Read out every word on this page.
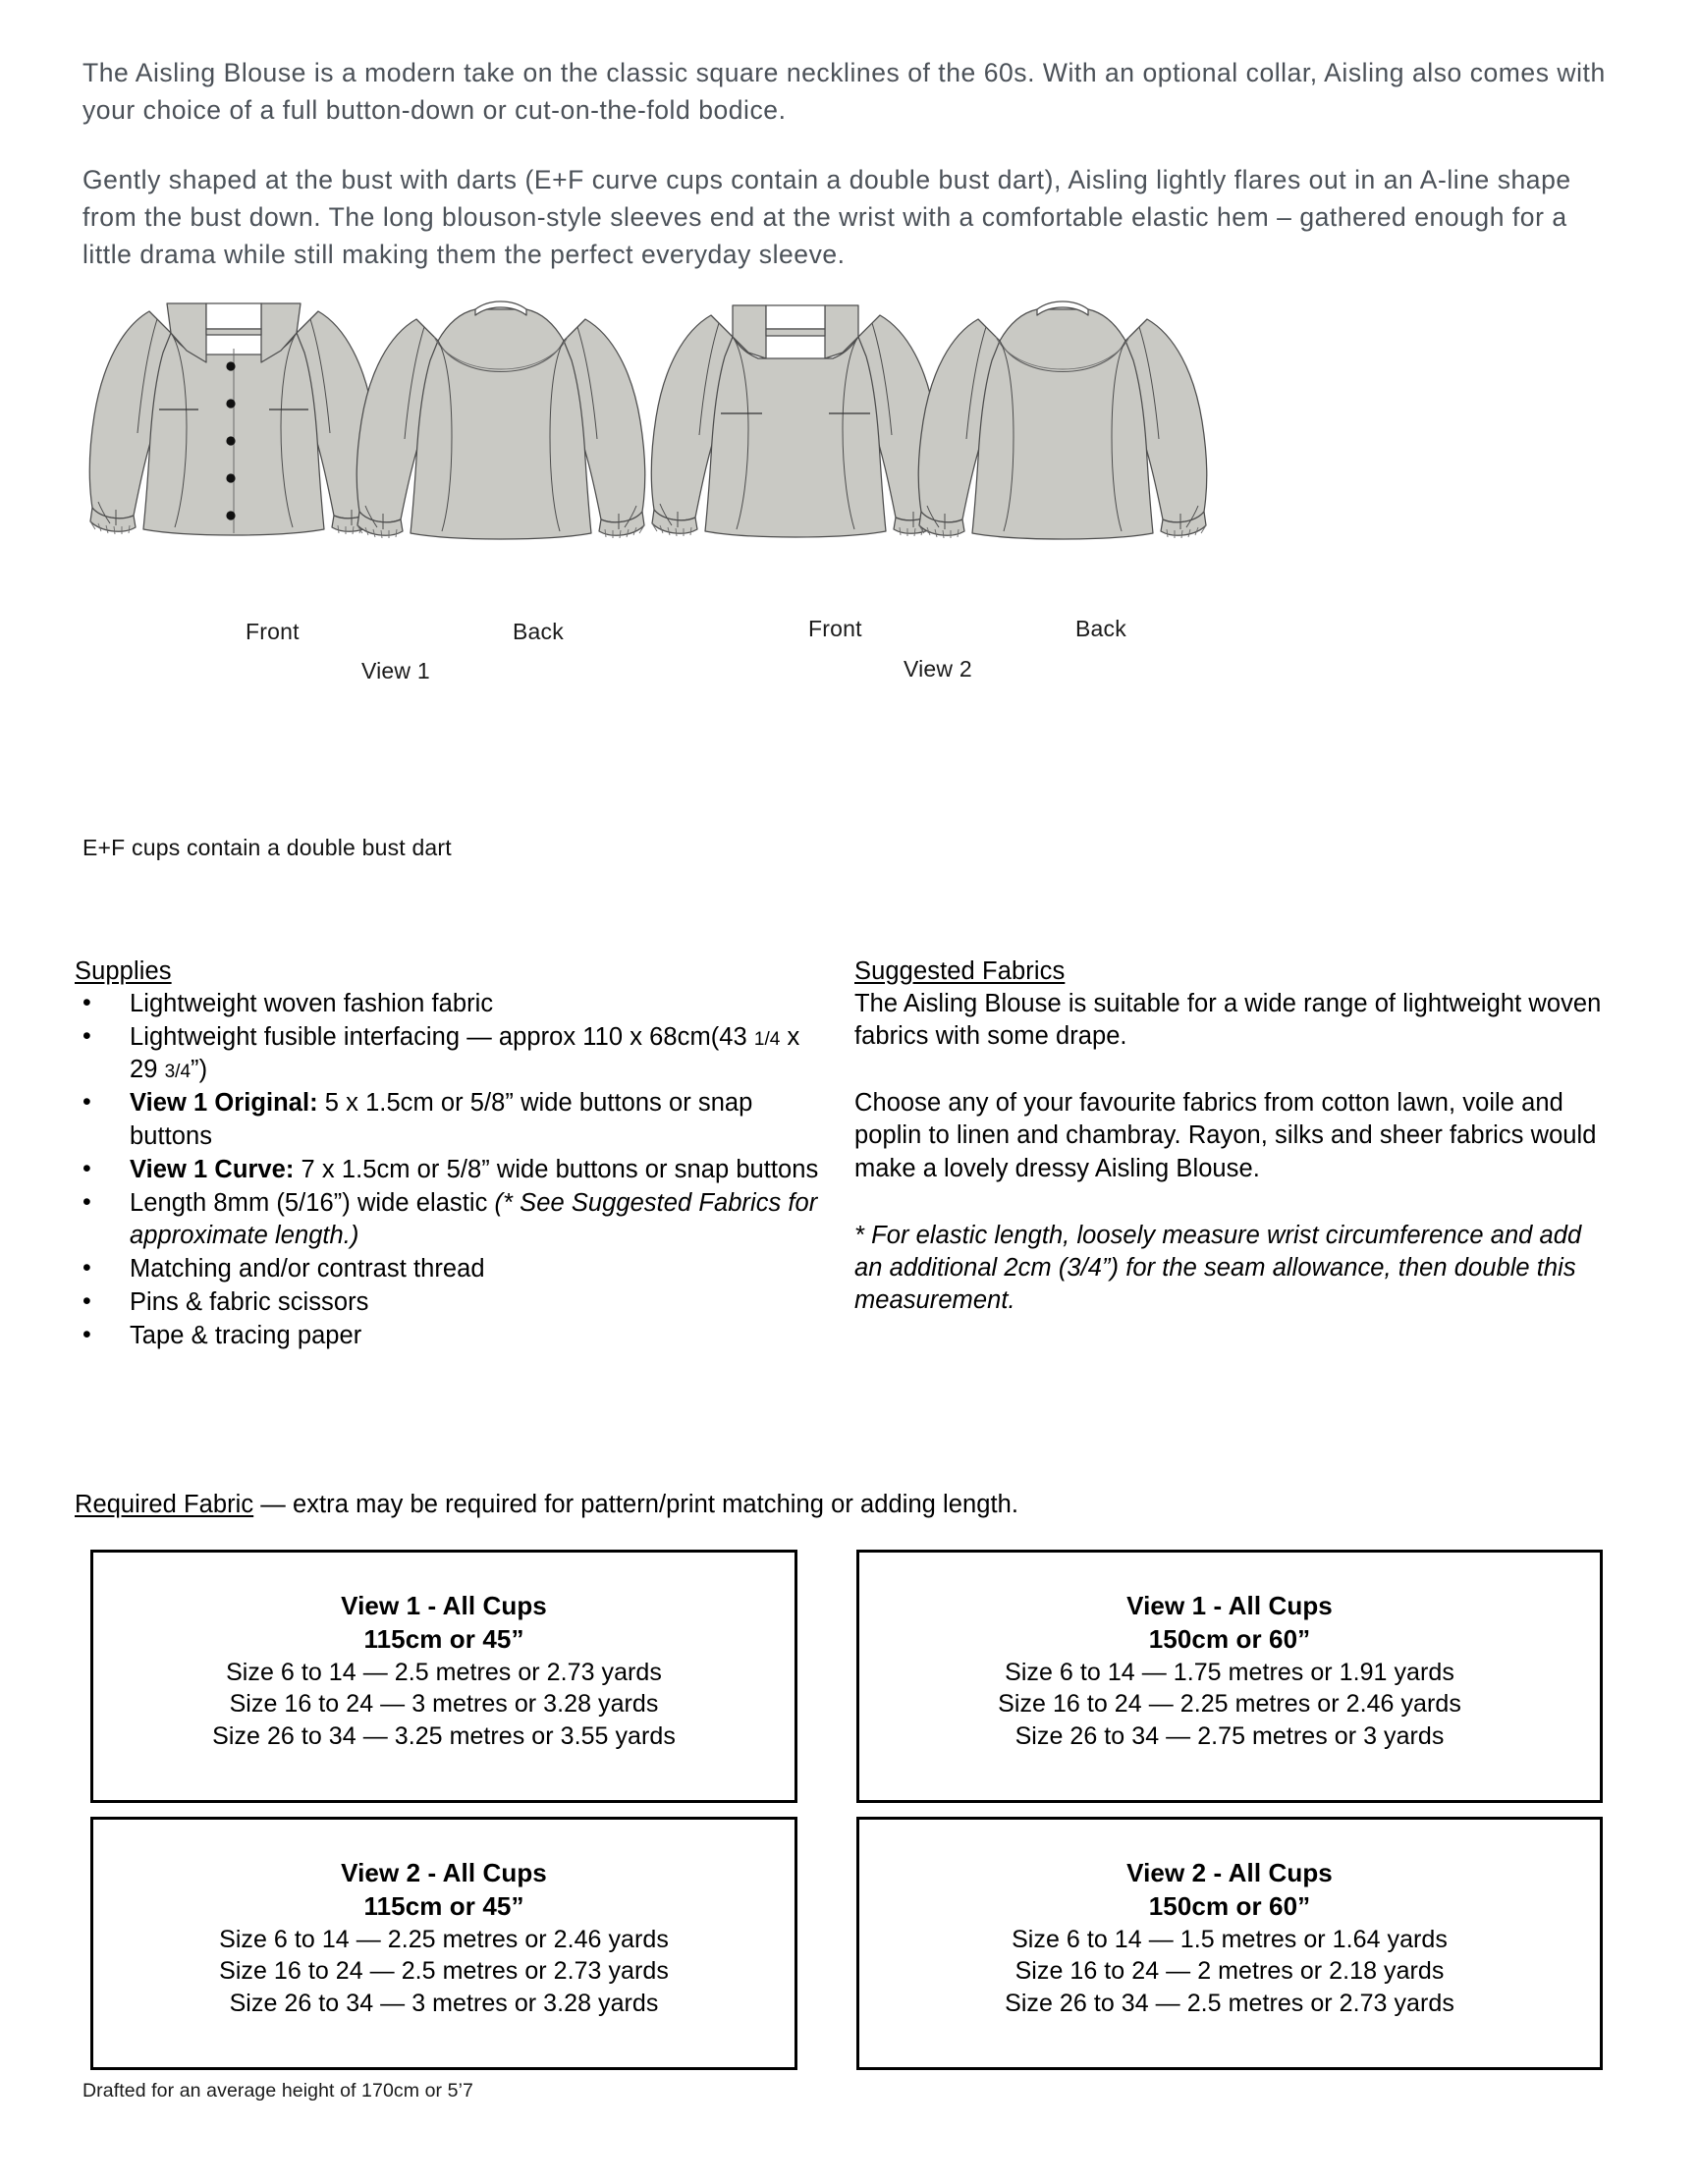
The Aisling Blouse is a modern take on the classic square necklines of the 60s. With an optional collar, Aisling also comes with your choice of a full button-down or cut-on-the-fold bodice.

Gently shaped at the bust with darts (E+F curve cups contain a double bust dart), Aisling lightly flares out in an A-line shape from the bust down. The long blouson-style sleeves end at the wrist with a comfortable elastic hem – gathered enough for a little drama while still making them the perfect everyday sleeve.

Front	Back
View 1
Front	Back
View 2
E+F cups contain a double bust dart
Supplies
• Lightweight woven fashion fabric
• Lightweight fusible interfacing — approx 110 x 68cm(43 1/4 x 29 3/4”)
• View 1 Original: 5 x 1.5cm or 5/8” wide buttons or snap buttons
• View 1 Curve: 7 x 1.5cm or 5/8” wide buttons or snap buttons
• Length 8mm (5/16”) wide elastic (* See Suggested Fabrics for approximate length.)
• Matching and/or contrast thread
• Pins & fabric scissors
• Tape & tracing paper
Suggested Fabrics

The Aisling Blouse is suitable for a wide range of lightweight woven fabrics with some drape.

Choose any of your favourite fabrics from cotton lawn, voile and poplin to linen and chambray. Rayon, silks and sheer fabrics would make a lovely dressy Aisling Blouse.

* For elastic length, loosely measure wrist circumference and add an additional 2cm (3/4”) for the seam allowance, then double this measurement.

Required Fabric — extra may be required for pattern/print matching or adding length.
View 1 - All Cups
115cm or 45”
Size 6 to 14 — 2.5 metres or 2.73 yards
Size 16 to 24 — 3 metres or 3.28 yards
Size 26 to 34 — 3.25 metres or 3.55 yards
View 1 - All Cups
150cm or 60”
Size 6 to 14 — 1.75 metres or 1.91 yards
Size 16 to 24 — 2.25 metres or 2.46 yards
Size 26 to 34 — 2.75 metres or 3 yards
View 2 - All Cups
115cm or 45”
Size 6 to 14 — 2.25 metres or 2.46 yards
Size 16 to 24 — 2.5 metres or 2.73 yards
Size 26 to 34 — 3 metres or 3.28 yards
View 2 - All Cups
150cm or 60”
Size 6 to 14 — 1.5 metres or 1.64 yards
Size 16 to 24 — 2 metres or 2.18 yards
Size 26 to 34 — 2.5 metres or 2.73 yards
Drafted for an average height of 170cm or 5’7
